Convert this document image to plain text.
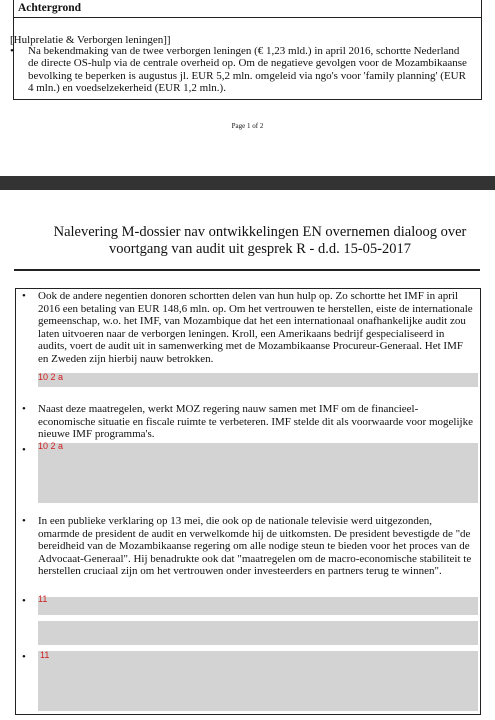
Achtergrond
[Hulprelatie & Verborgen leningen]]
• Na bekendmaking van de twee verborgen leningen (€ 1,23 mld.) in april 2016, schortte Nederland de directe OS-hulp via de centrale overheid op. Om de negatieve gevolgen voor de Mozambikaanse bevolking te beperken is augustus jl. EUR 5,2 mln. omgeleid via ngo's voor 'family planning' (EUR 4 mln.) en voedselzekerheid (EUR 1,2 mln.).
Page 1 of 2
Nalevering M-dossier nav ontwikkelingen EN overnemen dialoog over voortgang van audit uit gesprek R - d.d. 15-05-2017
• Ook de andere negentien donoren schortten delen van hun hulp op. Zo schortte het IMF in april 2016 een betaling van EUR 148,6 mln. op. Om het vertrouwen te herstellen, eiste de internationale gemeenschap, w.o. het IMF, van Mozambique dat het een internationaal onafhankelijke audit zou laten uitvoeren naar de verborgen leningen. Kroll, een Amerikaans bedrijf gespecialiseerd in audits, voert de audit uit in samenwerking met de Mozambikaanse Procureur-Generaal. Het IMF en Zweden zijn hierbij nauw betrokken.
10 2 a
• Naast deze maatregelen, werkt MOZ regering nauw samen met IMF om de financieel-economische situatie en fiscale ruimte te verbeteren. IMF stelde dit als voorwaarde voor mogelijke nieuwe IMF programma's.
• 10 2 a
• In een publieke verklaring op 13 mei, die ook op de nationale televisie werd uitgezonden, omarmde de president de audit en verwelkomde hij de uitkomsten. De president bevestigde de "de bereidheid van de Mozambikaanse regering om alle nodige steun te bieden voor het proces van de Advocaat-Generaal". Hij benadrukte ook dat "maatregelen om de macro-economische stabiliteit te herstellen cruciaal zijn om het vertrouwen onder investeerders en partners terug te winnen".
• 11
• 11
